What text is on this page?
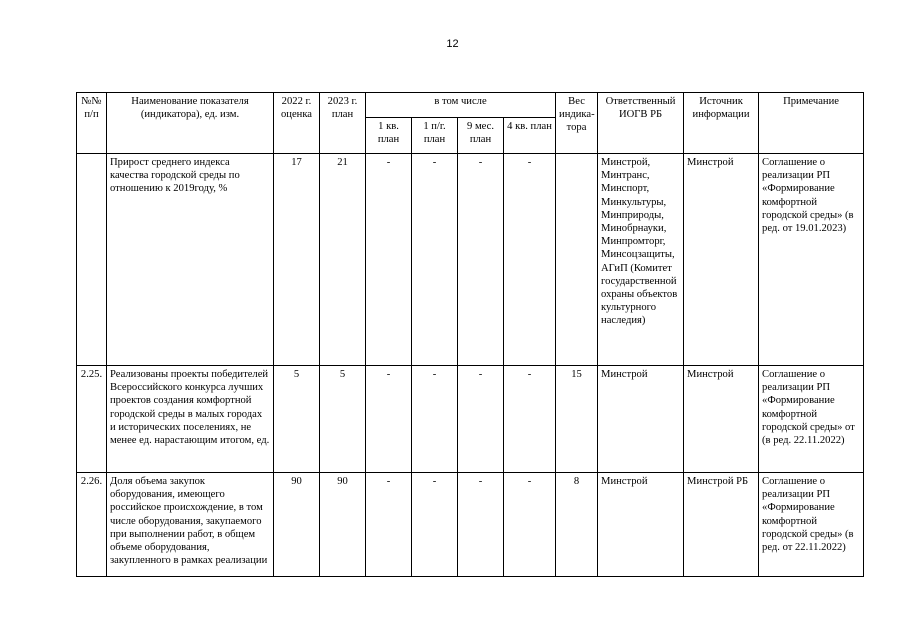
12
№№ п/п	Наименование показателя (индикатора), ед. изм.	2022 г. оценка	2023 г. план	в том числе				Вес индика-тора	Ответственный ИОГВ РБ	Источник информации	Примечание
				1 кв. план	1 п/г. план	9 мес. план	4 кв. план				
	Прирост среднего индекса качества городской среды по отношению к 2019году, %	17	21	-	-	-	-		Минстрой, Минтранс, Минспорт, Минкультуры, Минприроды, Минобрнауки, Минпромторг, Минсоцзащиты, АГиП (Комитет государственной охраны объектов культурного наследия)	Минстрой	Соглашение о реализации РП «Формирование комфортной городской среды» (в ред. от 19.01.2023)
2.25.	Реализованы проекты победителей Всероссийского конкурса лучших проектов создания комфортной городской среды в малых городах и исторических поселениях, не менее ед. нарастающим итогом, ед.	5	5	-	-	-	-	15	Минстрой	Минстрой	Соглашение о реализации РП «Формирование комфортной городской среды» от (в ред. 22.11.2022)
2.26.	Доля объема закупок оборудования, имеющего российское происхождение, в том числе оборудования, закупаемого при выполнении работ, в общем объеме оборудования, закупленного в рамках реализации	90	90	-	-	-	-	8	Минстрой	Минстрой РБ	Соглашение о реализации РП «Формирование комфортной городской среды» (в ред. от 22.11.2022)
